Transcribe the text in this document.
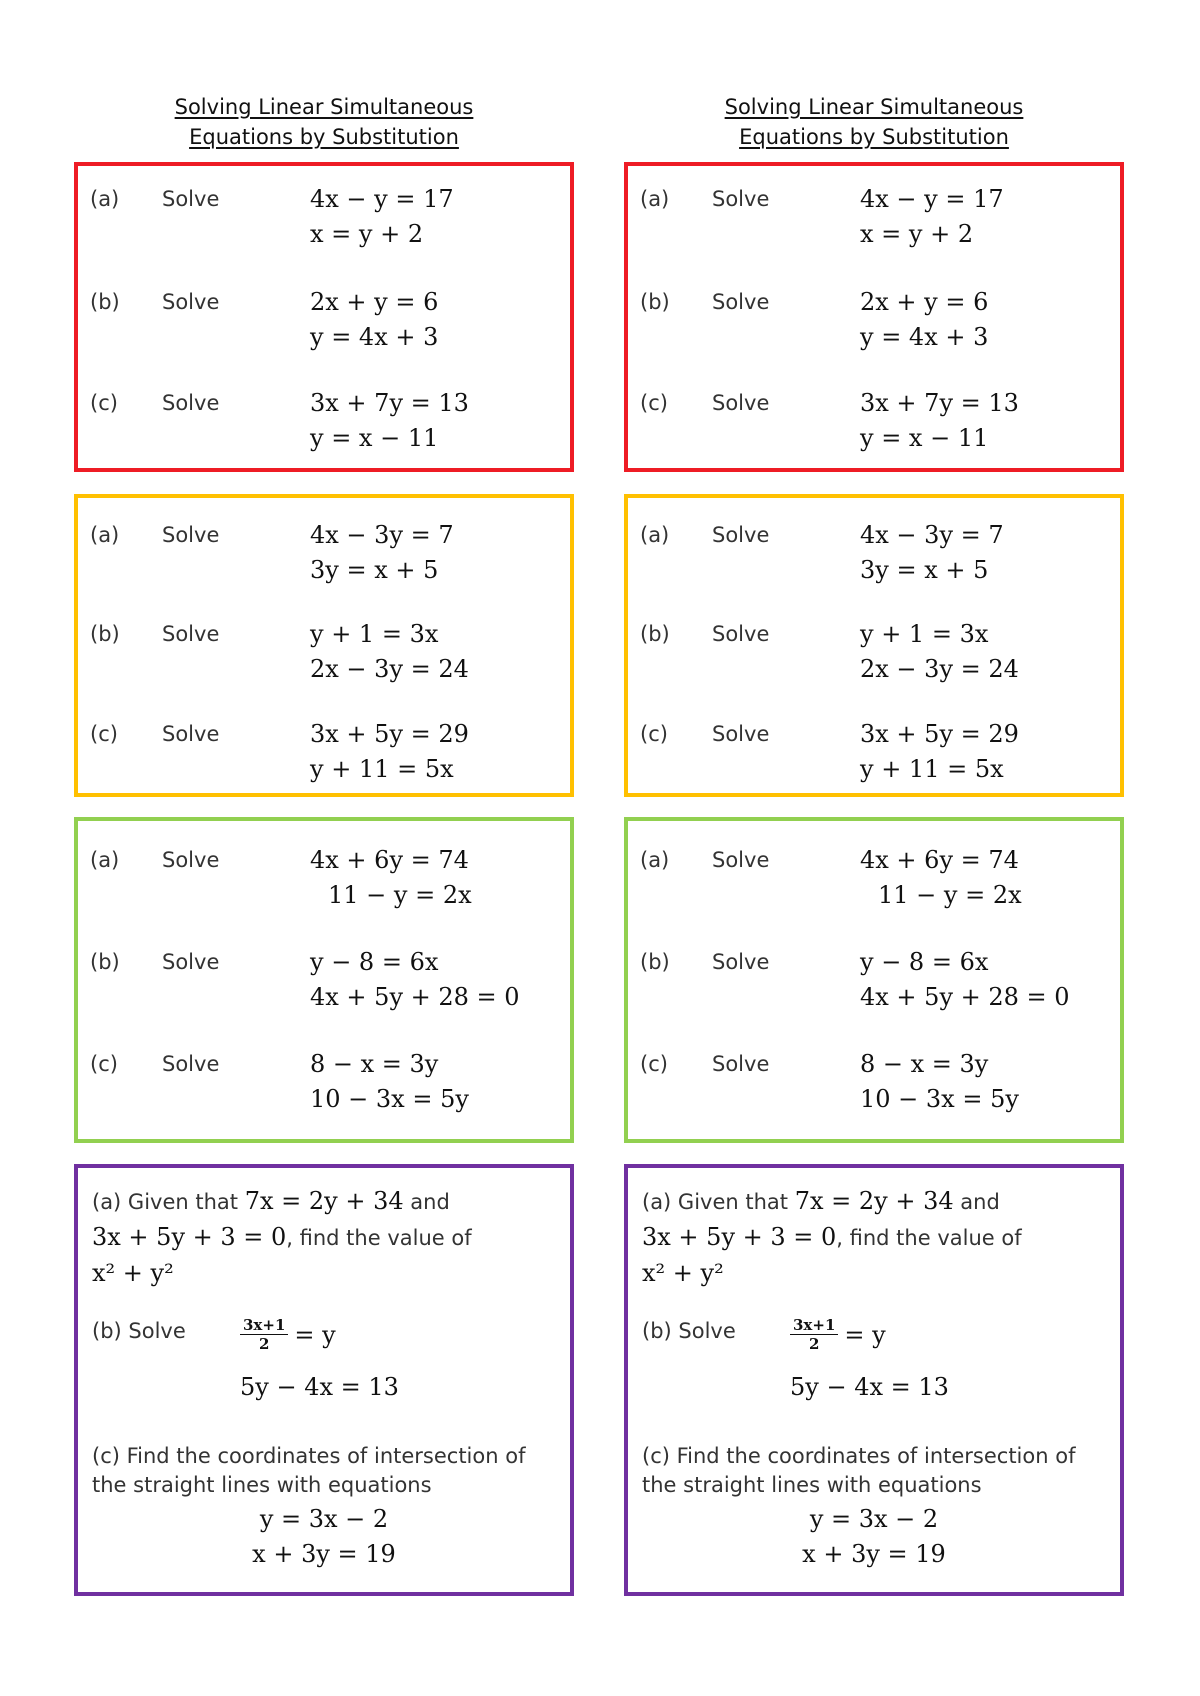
Solving Linear Simultaneous
Equations by Substitution
(a) Solve	4x − y = 17
x = y + 2
(b) Solve	2x + y = 6
y = 4x + 3
(c) Solve	3x + 7y = 13
y = x − 11
(a) Solve	4x − 3y = 7
3y = x + 5
(b) Solve	y + 1 = 3x
2x − 3y = 24
(c) Solve	3x + 5y = 29
y + 11 = 5x
(a) Solve	4x + 6y = 74
11 − y = 2x
(b) Solve	y − 8 = 6x
4x + 5y + 28 = 0
(c) Solve	8 − x = 3y
10 − 3x = 5y
(a) Given that 7x = 2y + 34 and
3x + 5y + 3 = 0, find the value of
x² + y²
(b) Solve	$\frac{3x+1}{2} = y$
5y − 4x = 13
(c) Find the coordinates of intersection of
the straight lines with equations
y = 3x − 2
x + 3y = 19
Solving Linear Simultaneous
Equations by Substitution
(a) Solve	4x − y = 17
x = y + 2
(b) Solve	2x + y = 6
y = 4x + 3
(c) Solve	3x + 7y = 13
y = x − 11
(a) Solve	4x − 3y = 7
3y = x + 5
(b) Solve	y + 1 = 3x
2x − 3y = 24
(c) Solve	3x + 5y = 29
y + 11 = 5x
(a) Solve	4x + 6y = 74
11 − y = 2x
(b) Solve	y − 8 = 6x
4x + 5y + 28 = 0
(c) Solve	8 − x = 3y
10 − 3x = 5y
(a) Given that 7x = 2y + 34 and
3x + 5y + 3 = 0, find the value of
x² + y²
(b) Solve	$\frac{3x+1}{2} = y$
5y − 4x = 13
(c) Find the coordinates of intersection of
the straight lines with equations
y = 3x − 2
x + 3y = 19
